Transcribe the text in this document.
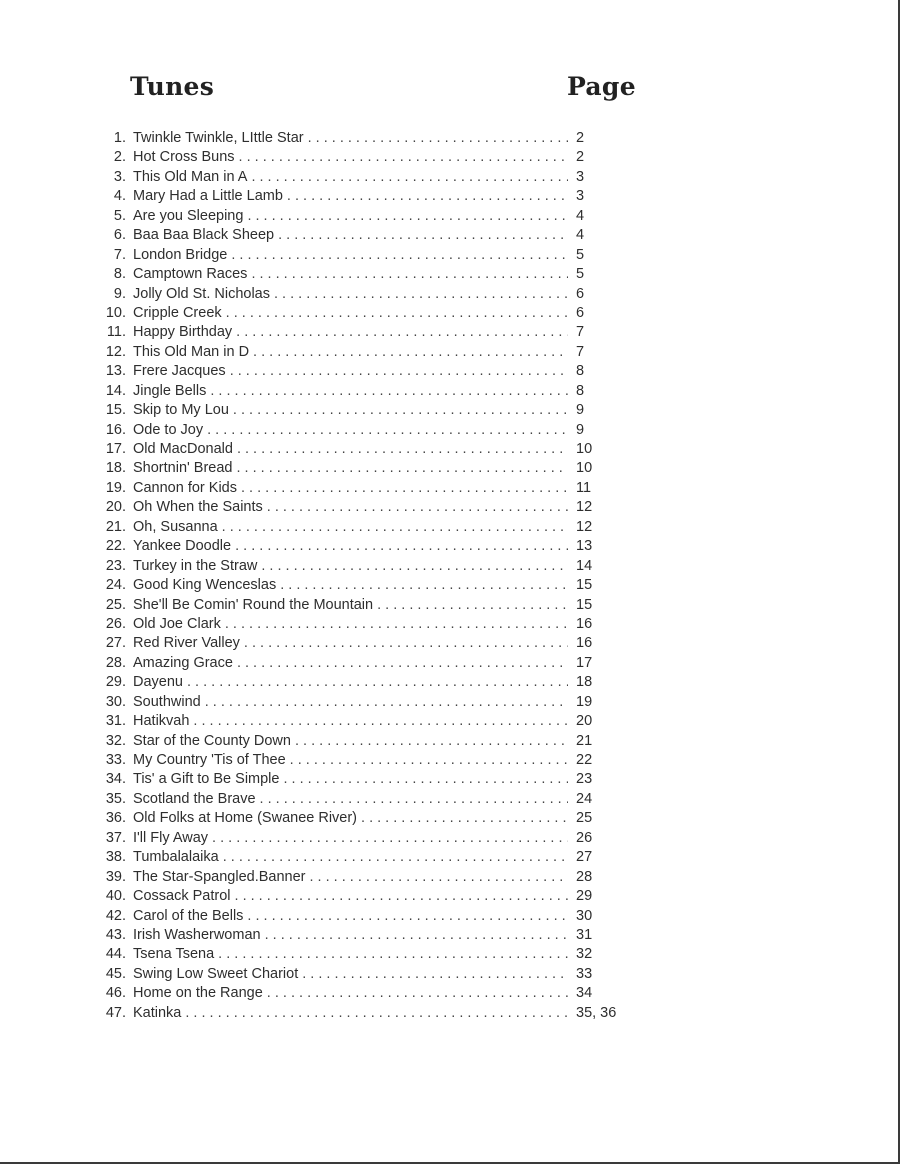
Tunes	Page
1. Twinkle Twinkle, LIttle Star . . .	2
2. Hot Cross Buns . . .	2
3. This Old Man in A . . .	3
4. Mary Had a Little Lamb . . .	3
5. Are you Sleeping . . .	4
6. Baa Baa Black Sheep . . .	4
7. London Bridge . . .	5
8. Camptown Races . . .	5
9. Jolly Old St. Nicholas . . .	6
10. Cripple Creek . . .	6
11. Happy Birthday . . .	7
12. This Old Man in D . . .	7
13. Frere Jacques . . .	8
14. Jingle Bells . . .	8
15. Skip to My Lou . . .	9
16. Ode to Joy . . .	9
17. Old MacDonald . . .	10
18. Shortnin' Bread . . .	10
19. Cannon for Kids . . .	11
20. Oh When the Saints . . .	12
21. Oh, Susanna . . .	12
22. Yankee Doodle . . .	13
23. Turkey in the Straw . . .	14
24. Good King Wenceslas . . .	15
25. She'll Be Comin' Round the Mountain . . .	15
26. Old Joe Clark . . .	16
27. Red River Valley . . .	16
28. Amazing Grace . . .	17
29. Dayenu . . .	18
30. Southwind . . .	19
31. Hatikvah . . .	20
32. Star of the County Down . . .	21
33. My Country 'Tis of Thee . . .	22
34. Tis' a Gift to Be Simple . . .	23
35. Scotland the Brave . . .	24
36. Old Folks at Home (Swanee River) . . .	25
37. I'll Fly Away . . .	26
38. Tumbalalaika . . .	27
39. The Star-Spangled.Banner . . .	28
40. Cossack Patrol . . .	29
42. Carol of the Bells . . .	30
43. Irish Washerwoman . . .	31
44. Tsena Tsena . . .	32
45. Swing Low Sweet Chariot . . .	33
46. Home on the Range . . .	34
47. Katinka . . .	35, 36
